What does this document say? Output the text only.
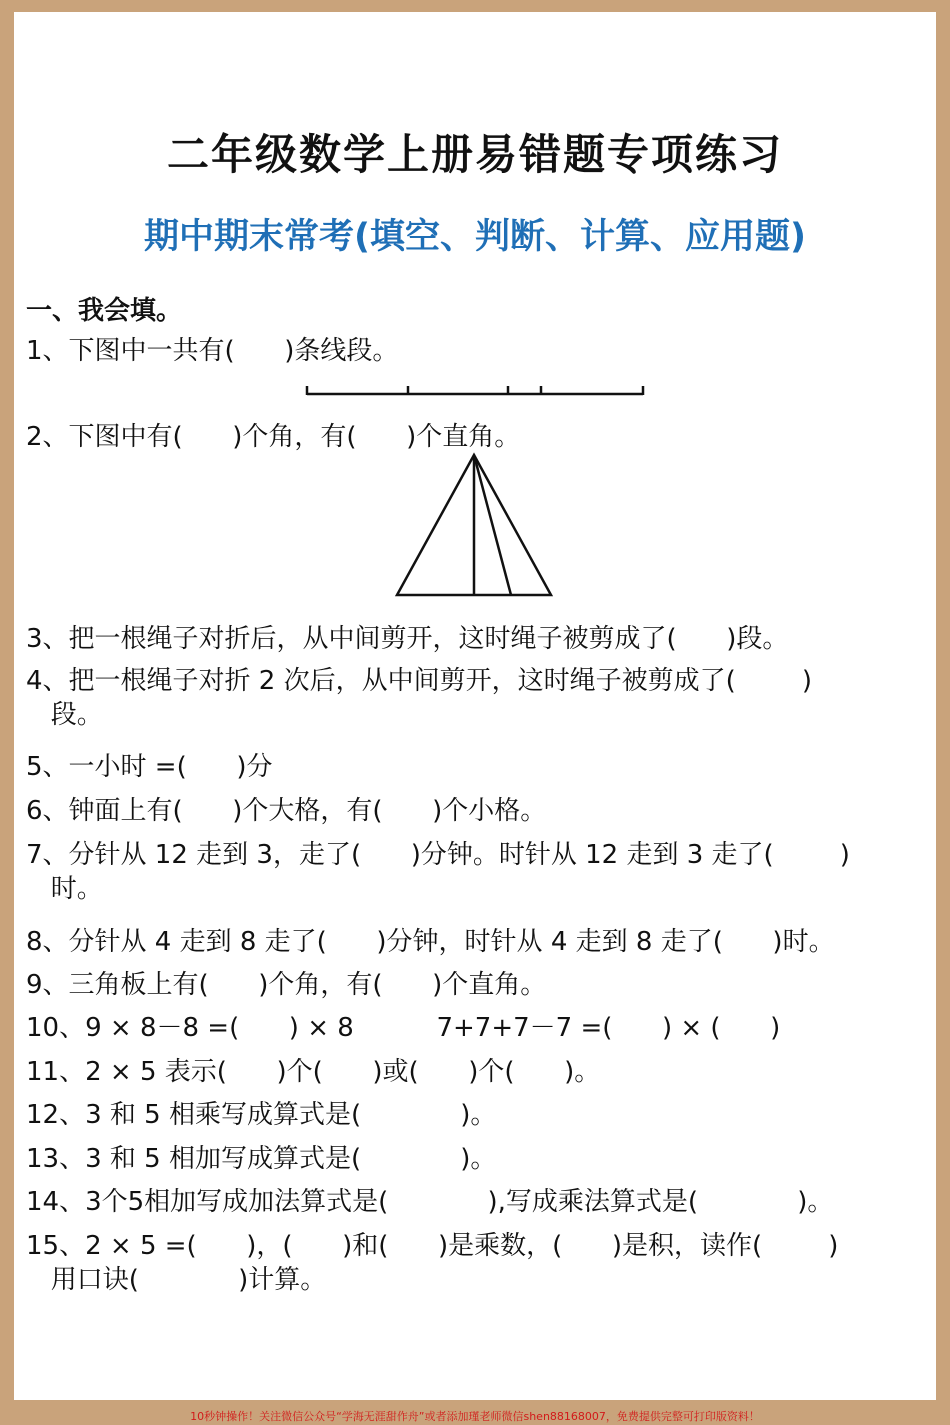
二年级数学上册易错题专项练习
期中期末常考(填空、判断、计算、应用题)
一、我会填。
1、下图中一共有(      )条线段。
2、下图中有(      )个角，有(      )个直角。
3、把一根绳子对折后，从中间剪开，这时绳子被剪成了(      )段。
4、把一根绳子对折 2 次后，从中间剪开，这时绳子被剪成了(        )
段。
5、一小时 =(      )分
6、钟面上有(      )个大格，有(      )个小格。
7、分针从 12 走到 3，走了(      )分钟。时针从 12 走到 3 走了(        )
时。
8、分针从 4 走到 8 走了(      )分钟，时针从 4 走到 8 走了(      )时。
9、三角板上有(      )个角，有(      )个直角。
10、9 × 8－8 =(      ) × 8          7+7+7－7 =(      ) × (      )
11、2 × 5 表示(      )个(      )或(      )个(      )。
12、3 和 5 相乘写成算式是(            )。
13、3 和 5 相加写成算式是(            )。
14、3个5相加写成加法算式是(            ),写成乘法算式是(            )。
15、2 × 5 =(      )，(      )和(      )是乘数，(      )是积，读作(        )
用口诀(            )计算。
10秒钟操作！关注微信公众号“学海无涯甜作舟”或者添加瑾老师微信shen88168007，免费提供完整可打印版资料！
